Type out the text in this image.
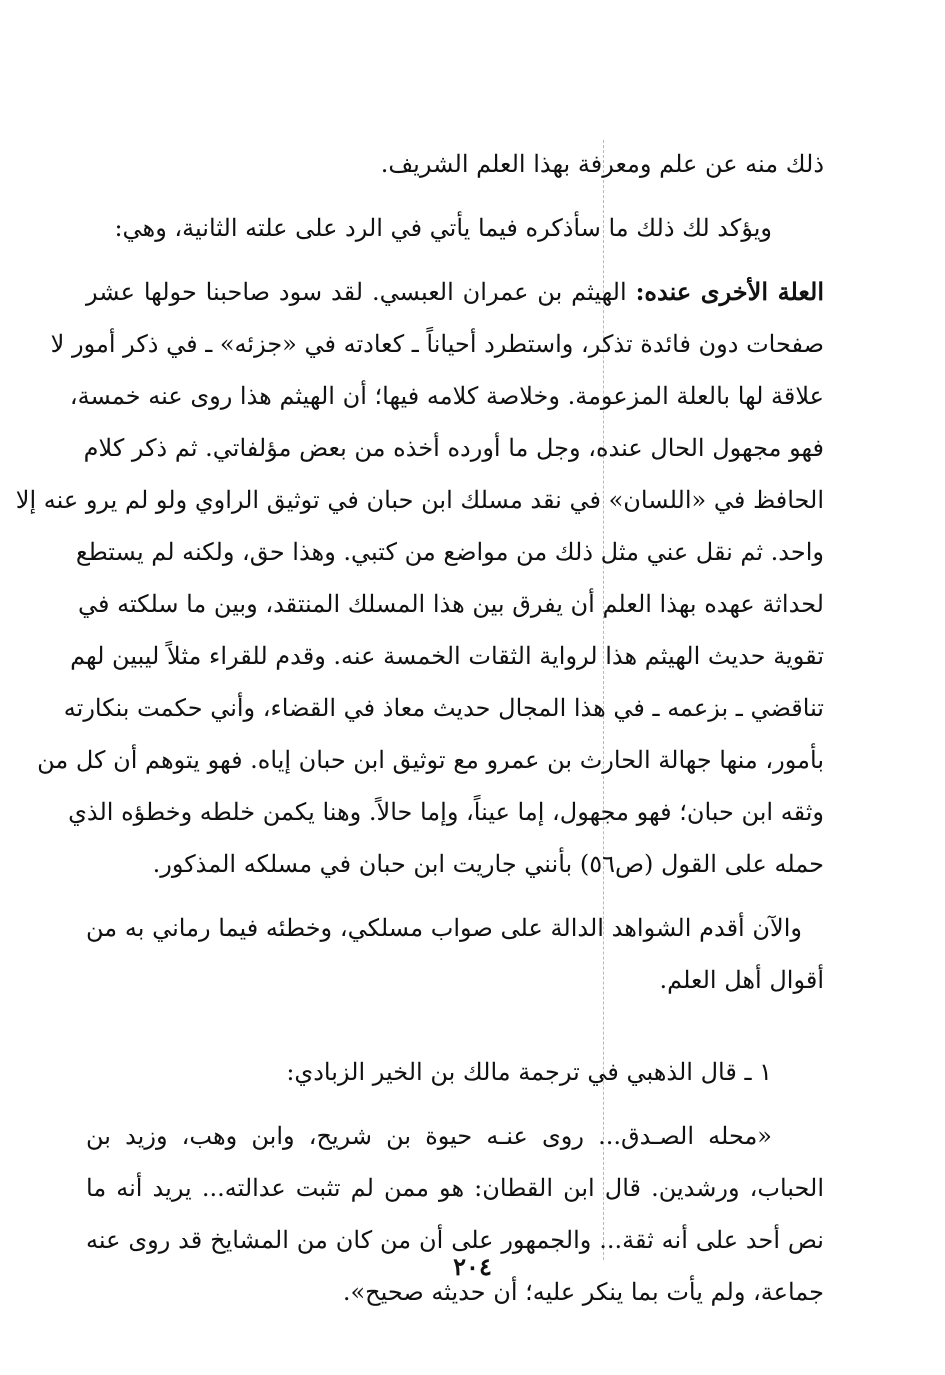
ذلك منه عن علم ومعرفة بهذا العلم الشريف.
ويؤكد لك ذلك ما سأذكره فيما يأتي في الرد على علته الثانية، وهي:
العلة الأخرى عنده: الهيثم بن عمران العبسي. لقد سود صاحبنا حولها عشر
صفحات دون فائدة تذكر، واستطرد أحياناً ـ كعادته في «جزئه» ـ في ذكر أمور لا
علاقة لها بالعلة المزعومة. وخلاصة كلامه فيها؛ أن الهيثم هذا روى عنه خمسة،
فهو مجهول الحال عنده، وجل ما أورده أخذه من بعض مؤلفاتي. ثم ذكر كلام
الحافظ في «اللسان» في نقد مسلك ابن حبان في توثيق الراوي ولو لم يرو عنه إلا
واحد. ثم نقل عني مثل ذلك من مواضع من كتبي. وهذا حق، ولكنه لم يستطع
لحداثة عهده بهذا العلم أن يفرق بين هذا المسلك المنتقد، وبين ما سلكته في
تقوية حديث الهيثم هذا لرواية الثقات الخمسة عنه. وقدم للقراء مثلاً ليبين لهم
تناقضي ـ بزعمه ـ في هذا المجال حديث معاذ في القضاء، وأني حكمت بنكارته
بأمور، منها جهالة الحارث بن عمرو مع توثيق ابن حبان إياه. فهو يتوهم أن كل من
وثقه ابن حبان؛ فهو مجهول، إما عيناً، وإما حالاً. وهنا يكمن خلطه وخطؤه الذي
حمله على القول (ص٥٦) بأنني جاريت ابن حبان في مسلكه المذكور.
والآن أقدم الشواهد الدالة على صواب مسلكي، وخطئه فيما رماني به من
أقوال أهل العلم.
١ ـ قال الذهبي في ترجمة مالك بن الخير الزبادي:
«محله الصـدق... روى عنـه حيوة بن شريح، وابن وهب، وزيد بن
الحباب، ورشدين. قال ابن القطان: هو ممن لم تثبت عدالته... يريد أنه ما
نص أحد على أنه ثقة... والجمهور على أن من كان من المشايخ قد روى عنه
جماعة، ولم يأت بما ينكر عليه؛ أن حديثه صحيح».
٢٠٤
